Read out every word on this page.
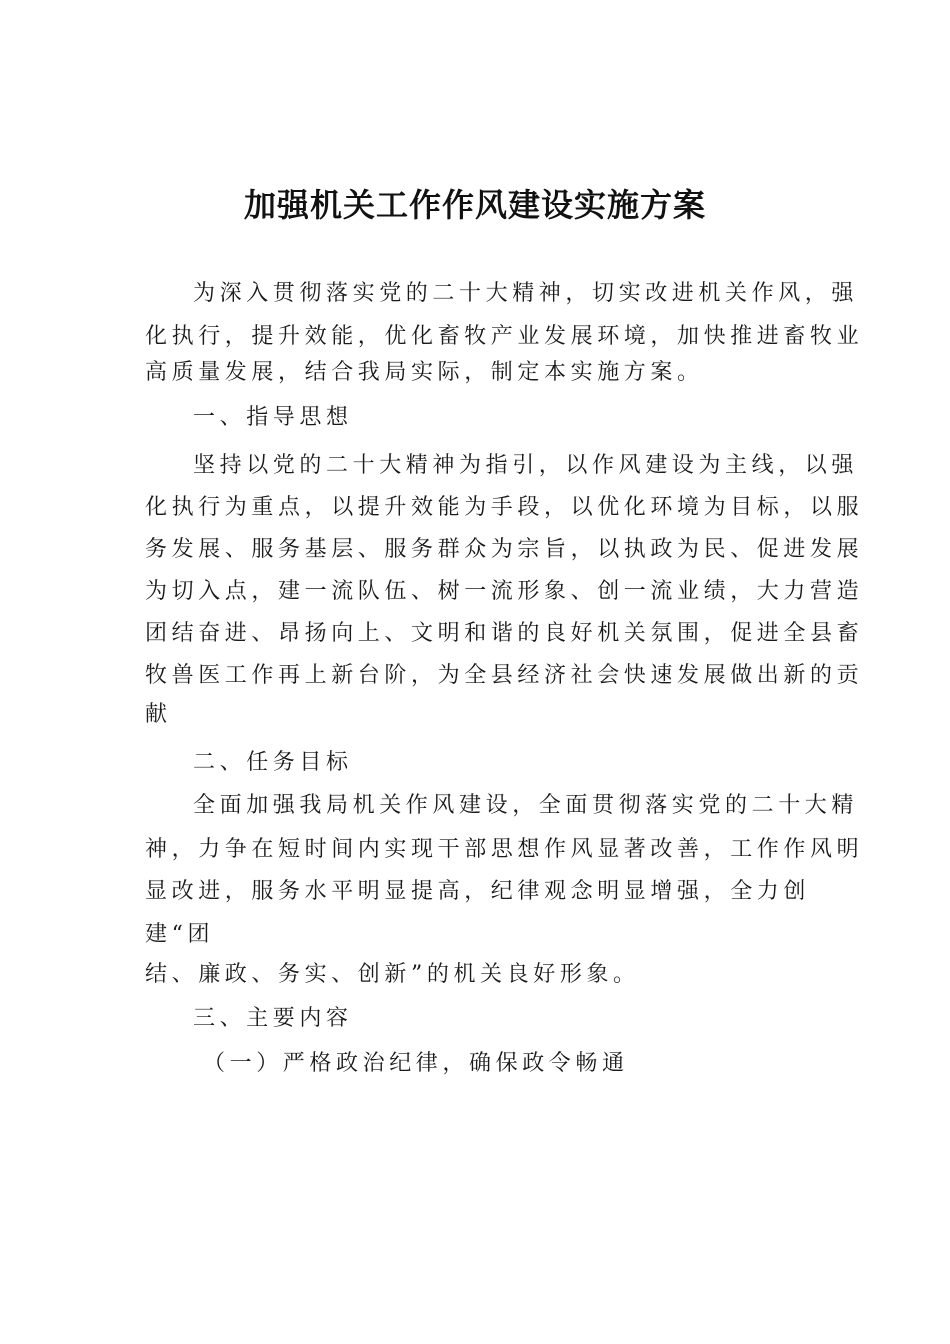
加强机关工作作风建设实施方案
为深入贯彻落实党的二十大精神，切实改进机关作风，强
化执行，提升效能，优化畜牧产业发展环境，加快推进畜牧业
高质量发展，结合我局实际，制定本实施方案。
一、指导思想
坚持以党的二十大精神为指引，以作风建设为主线，以强
化执行为重点，以提升效能为手段，以优化环境为目标，以服
务发展、服务基层、服务群众为宗旨，以执政为民、促进发展
为切入点，建一流队伍、树一流形象、创一流业绩，大力营造
团结奋进、昂扬向上、文明和谐的良好机关氛围，促进全县畜
牧兽医工作再上新台阶，为全县经济社会快速发展做出新的贡
献
二、任务目标
全面加强我局机关作风建设，全面贯彻落实党的二十大精
神，力争在短时间内实现干部思想作风显著改善，工作作风明
显改进，服务水平明显提高，纪律观念明显增强，全力创
建“团
结、廉政、务实、创新”的机关良好形象。
三、主要内容
（一）严格政治纪律，确保政令畅通
